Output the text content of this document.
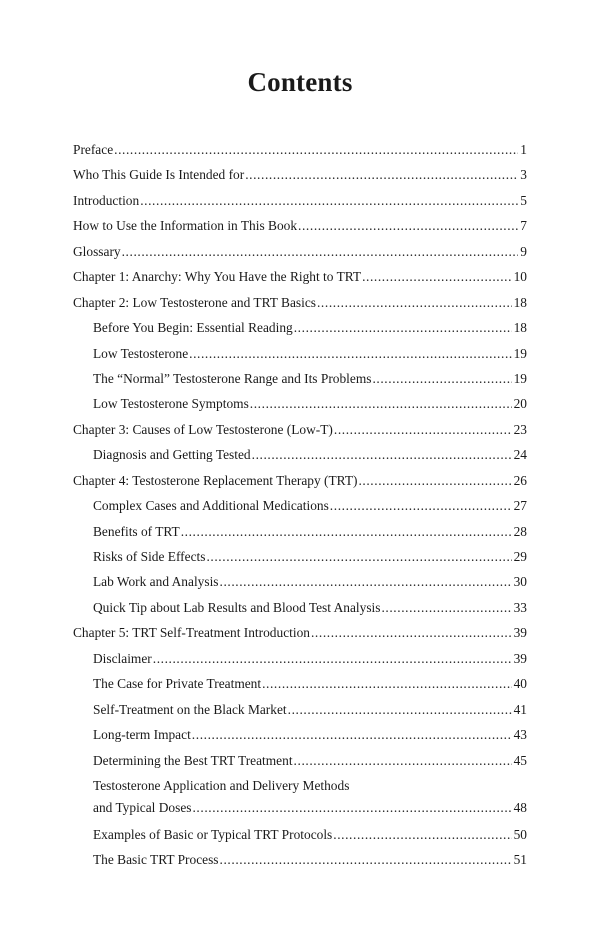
Contents
Preface .....	1
Who This Guide Is Intended for .....	3
Introduction .....	5
How to Use the Information in This Book .....	7
Glossary .....	9
Chapter 1: Anarchy: Why You Have the Right to TRT .....	10
Chapter 2: Low Testosterone and TRT Basics .....	18
Before You Begin: Essential Reading .....	18
Low Testosterone .....	19
The “Normal” Testosterone Range and Its Problems .....	19
Low Testosterone Symptoms .....	20
Chapter 3: Causes of Low Testosterone (Low-T) .....	23
Diagnosis and Getting Tested .....	24
Chapter 4: Testosterone Replacement Therapy (TRT) .....	26
Complex Cases and Additional Medications .....	27
Benefits of TRT .....	28
Risks of Side Effects .....	29
Lab Work and Analysis .....	30
Quick Tip about Lab Results and Blood Test Analysis .....	33
Chapter 5: TRT Self-Treatment Introduction .....	39
Disclaimer .....	39
The Case for Private Treatment .....	40
Self-Treatment on the Black Market .....	41
Long-term Impact .....	43
Determining the Best TRT Treatment .....	45
Testosterone Application and Delivery Methods
and Typical Doses .....	48
Examples of Basic or Typical TRT Protocols .....	50
The Basic TRT Process .....	51
